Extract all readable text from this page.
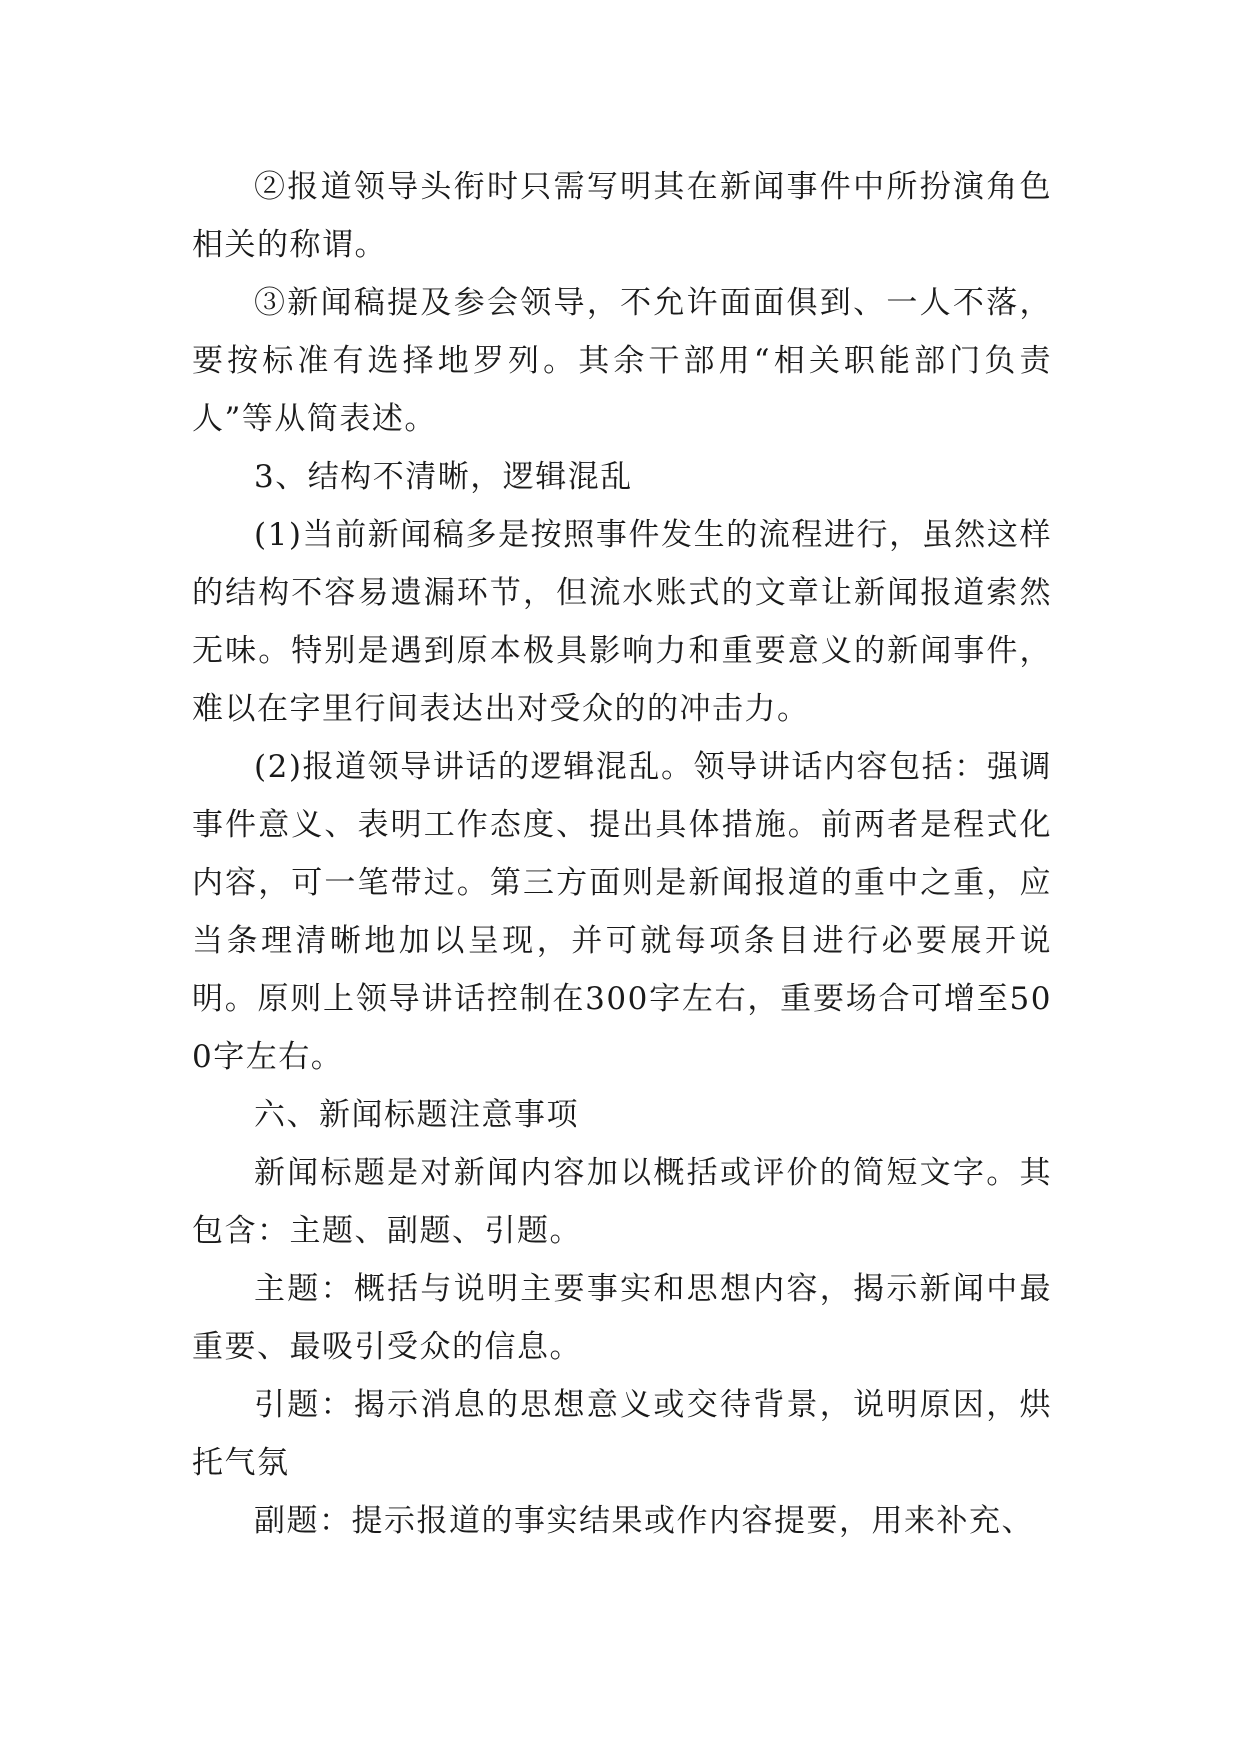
②报道领导头衔时只需写明其在新闻事件中所扮演角色相关的称谓。

③新闻稿提及参会领导，不允许面面俱到、一人不落，要按标准有选择地罗列。其余干部用“相关职能部门负责人”等从简表述。

3、结构不清晰，逻辑混乱

(1)当前新闻稿多是按照事件发生的流程进行，虽然这样的结构不容易遗漏环节，但流水账式的文章让新闻报道索然无味。特别是遇到原本极具影响力和重要意义的新闻事件，难以在字里行间表达出对受众的的冲击力。

(2)报道领导讲话的逻辑混乱。领导讲话内容包括：强调事件意义、表明工作态度、提出具体措施。前两者是程式化内容，可一笔带过。第三方面则是新闻报道的重中之重，应当条理清晰地加以呈现，并可就每项条目进行必要展开说明。原则上领导讲话控制在300字左右，重要场合可增至500字左右。

六、新闻标题注意事项

新闻标题是对新闻内容加以概括或评价的简短文字。其包含：主题、副题、引题。

主题：概括与说明主要事实和思想内容，揭示新闻中最重要、最吸引受众的信息。

引题：揭示消息的思想意义或交待背景，说明原因，烘托气氛

副题：提示报道的事实结果或作内容提要，用来补充、
